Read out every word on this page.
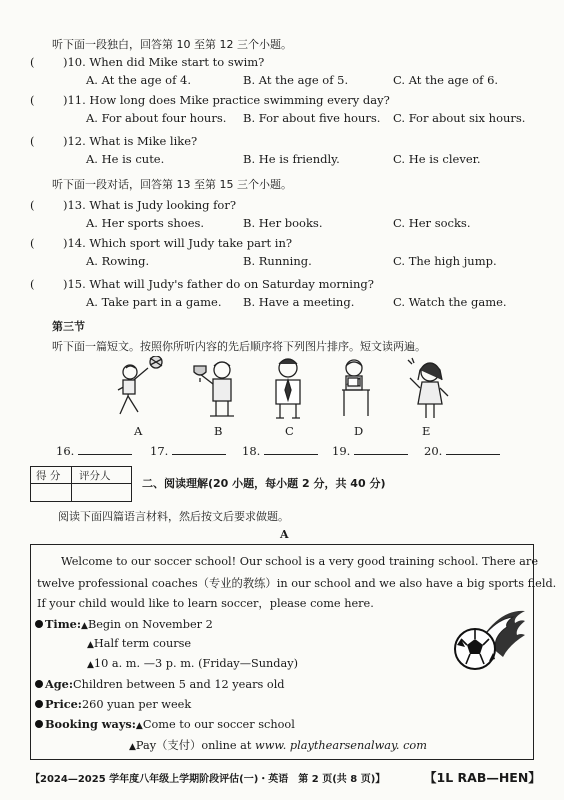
听下面一段独白，回答第 10 至第 12 三个小题。
( )10. When did Mike start to swim?
A. At the age of 4.	B. At the age of 5.	C. At the age of 6.
( )11. How long does Mike practice swimming every day?
A. For about four hours. B. For about five hours. C. For about six hours.
( )12. What is Mike like?
A. He is cute.	B. He is friendly.	C. He is clever.
( )13. What is Judy looking for?
A. Her sports shoes.	B. Her books.	C. Her socks.
( )14. Which sport will Judy take part in?
A. Rowing.	B. Running.	C. The high jump.
( )15. What will Judy's father do on Saturday morning?
A. Take part in a game. B. Have a meeting.	C. Watch the game.
听下面一段对话，回答第 13 至第 15 三个小题。
第三节
听下面一篇短文。按照你所听内容的先后顺序将下列图片排序。短文读两遍。
A	B	C	D	E
16.	17.	18.	19.	20.
得 分 评分人
二、阅读理解(20 小题，每小题 2 分，共 40 分)
阅读下面四篇语言材料，然后按文后要求做题。
A
Welcome to our soccer school! Our school is a very good training school. There are
twelve professional coaches（专业的教练）in our school and we also have a big sports field.
If your child would like to learn soccer，please come here.
Time:▲Begin on November 2
▲Half term course
▲10 a. m. —3 p. m. (Friday—Sunday)
Age:Children between 5 and 12 years old
Price:260 yuan per week
Booking ways:▲Come to our soccer school
▲Pay（支付）online at www. playthearsenalway. com
【2024—2025 学年度八年级上学期阶段评估(一)・英语　第 2 页(共 8 页)】	【1L RAB—HEN】
